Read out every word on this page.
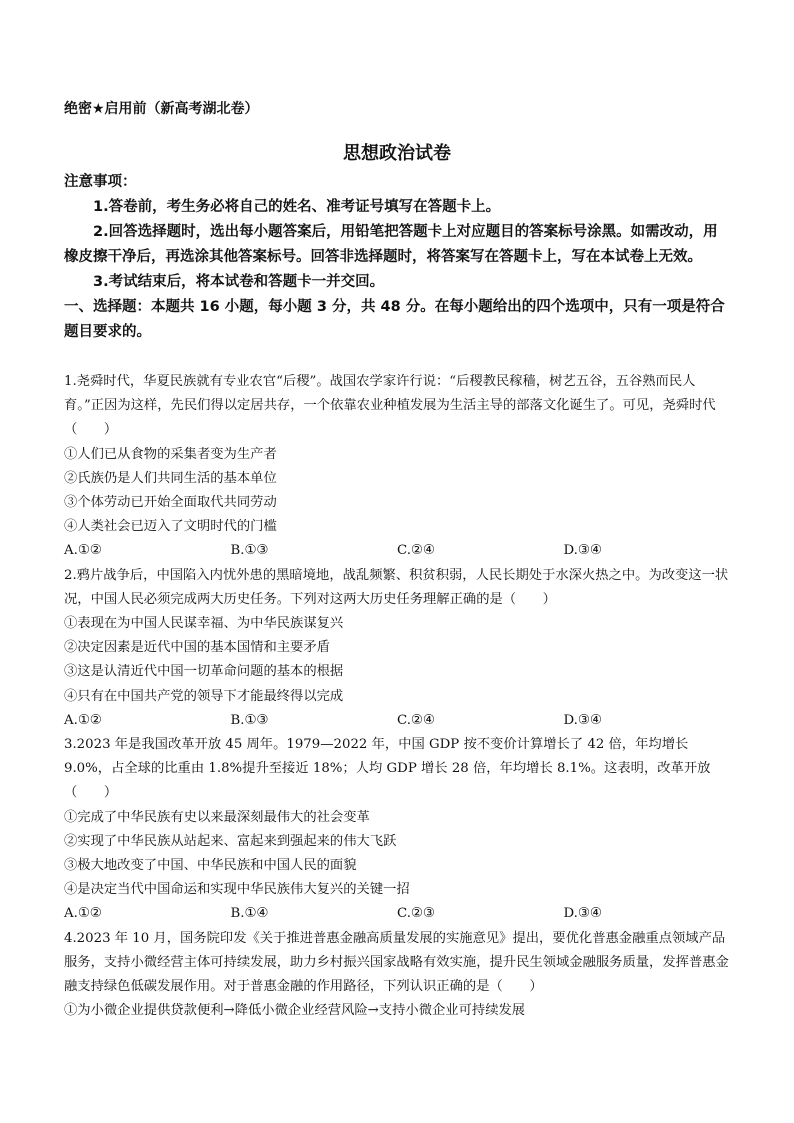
绝密★启用前（新高考湖北卷）
思想政治试卷
注意事项：
1.答卷前，考生务必将自己的姓名、准考证号填写在答题卡上。
2.回答选择题时，选出每小题答案后，用铅笔把答题卡上对应题目的答案标号涂黑。如需改动，用橡皮擦干净后，再选涂其他答案标号。回答非选择题时，将答案写在答题卡上，写在本试卷上无效。
3.考试结束后，将本试卷和答题卡一并交回。
一、选择题：本题共 16 小题，每小题 3 分，共 48 分。在每小题给出的四个选项中，只有一项是符合题目要求的。
1.尧舜时代，华夏民族就有专业农官“后稷”。战国农学家许行说：“后稷教民稼穑，树艺五谷，五谷熟而民人育。”正因为这样，先民们得以定居共存，一个依靠农业种植发展为生活主导的部落文化诞生了。可见，尧舜时代（　　）
①人们已从食物的采集者变为生产者
②氏族仍是人们共同生活的基本单位
③个体劳动已开始全面取代共同劳动
④人类社会已迈入了文明时代的门槛
A.①②	B.①③	C.②④	D.③④
2.鸦片战争后，中国陷入内忧外患的黑暗境地，战乱频繁、积贫积弱，人民长期处于水深火热之中。为改变这一状况，中国人民必须完成两大历史任务。下列对这两大历史任务理解正确的是（　　）
①表现在为中国人民谋幸福、为中华民族谋复兴
②决定因素是近代中国的基本国情和主要矛盾
③这是认清近代中国一切革命问题的基本的根据
④只有在中国共产党的领导下才能最终得以完成
A.①②	B.①③	C.②④	D.③④
3.2023 年是我国改革开放 45 周年。1979—2022 年，中国 GDP 按不变价计算增长了 42 倍，年均增长 9.0%，占全球的比重由 1.8%提升至接近 18%；人均 GDP 增长 28 倍，年均增长 8.1%。这表明，改革开放（　　）
①完成了中华民族有史以来最深刻最伟大的社会变革
②实现了中华民族从站起来、富起来到强起来的伟大飞跃
③极大地改变了中国、中华民族和中国人民的面貌
④是决定当代中国命运和实现中华民族伟大复兴的关键一招
A.①②	B.①④	C.②③	D.③④
4.2023 年 10 月，国务院印发《关于推进普惠金融高质量发展的实施意见》提出，要优化普惠金融重点领域产品服务，支持小微经营主体可持续发展，助力乡村振兴国家战略有效实施，提升民生领域金融服务质量，发挥普惠金融支持绿色低碳发展作用。对于普惠金融的作用路径，下列认识正确的是（　　）
①为小微企业提供贷款便利→降低小微企业经营风险→支持小微企业可持续发展
